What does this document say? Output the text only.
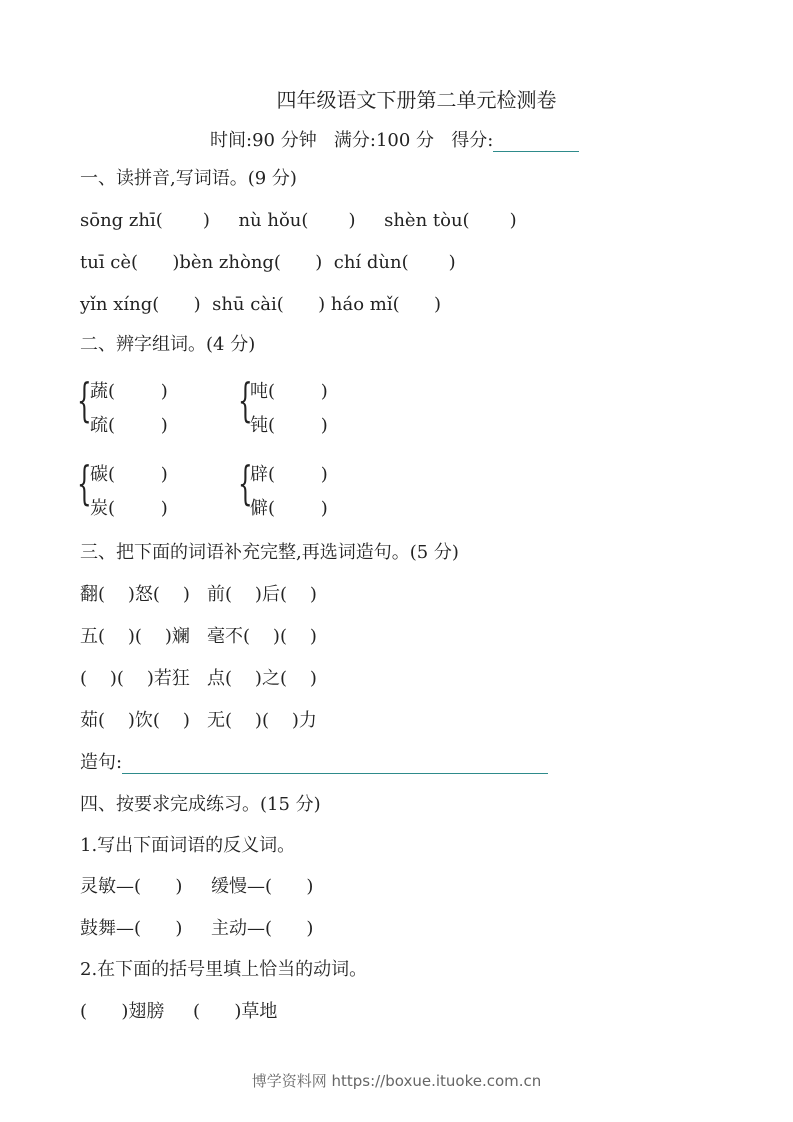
四年级语文下册第二单元检测卷
时间:90 分钟 满分:100 分 得分:
一、读拼音,写词语。(9 分)
sōng zhī(       )     nù hǒu(       )     shèn tòu(       )
tuī cè(      )bèn zhòng(      )  chí dùn(       )
yǐn xíng(      )  shū cài(      ) háo mǐ(      )
二、辨字组词。(4 分)
{
蔬(        )
疏(        ) {
吨(        )
钝(        )
{
碳(        )
炭(        ) {
辟(        )
僻(        )
三、把下面的词语补充完整,再选词造句。(5 分)
翻(    )怒(    )   前(    )后(    )
五(    )(    )斓   毫不(    )(    )
(    )(    )若狂   点(    )之(    )
茹(    )饮(    )   无(    )(    )力
造句:
四、按要求完成练习。(15 分)
1.写出下面词语的反义词。
灵敏—(      )     缓慢—(      )
鼓舞—(      )     主动—(      )
2.在下面的括号里填上恰当的动词。
(      )翅膀     (      )草地
博学资料网 https://boxue.ituoke.com.cn
